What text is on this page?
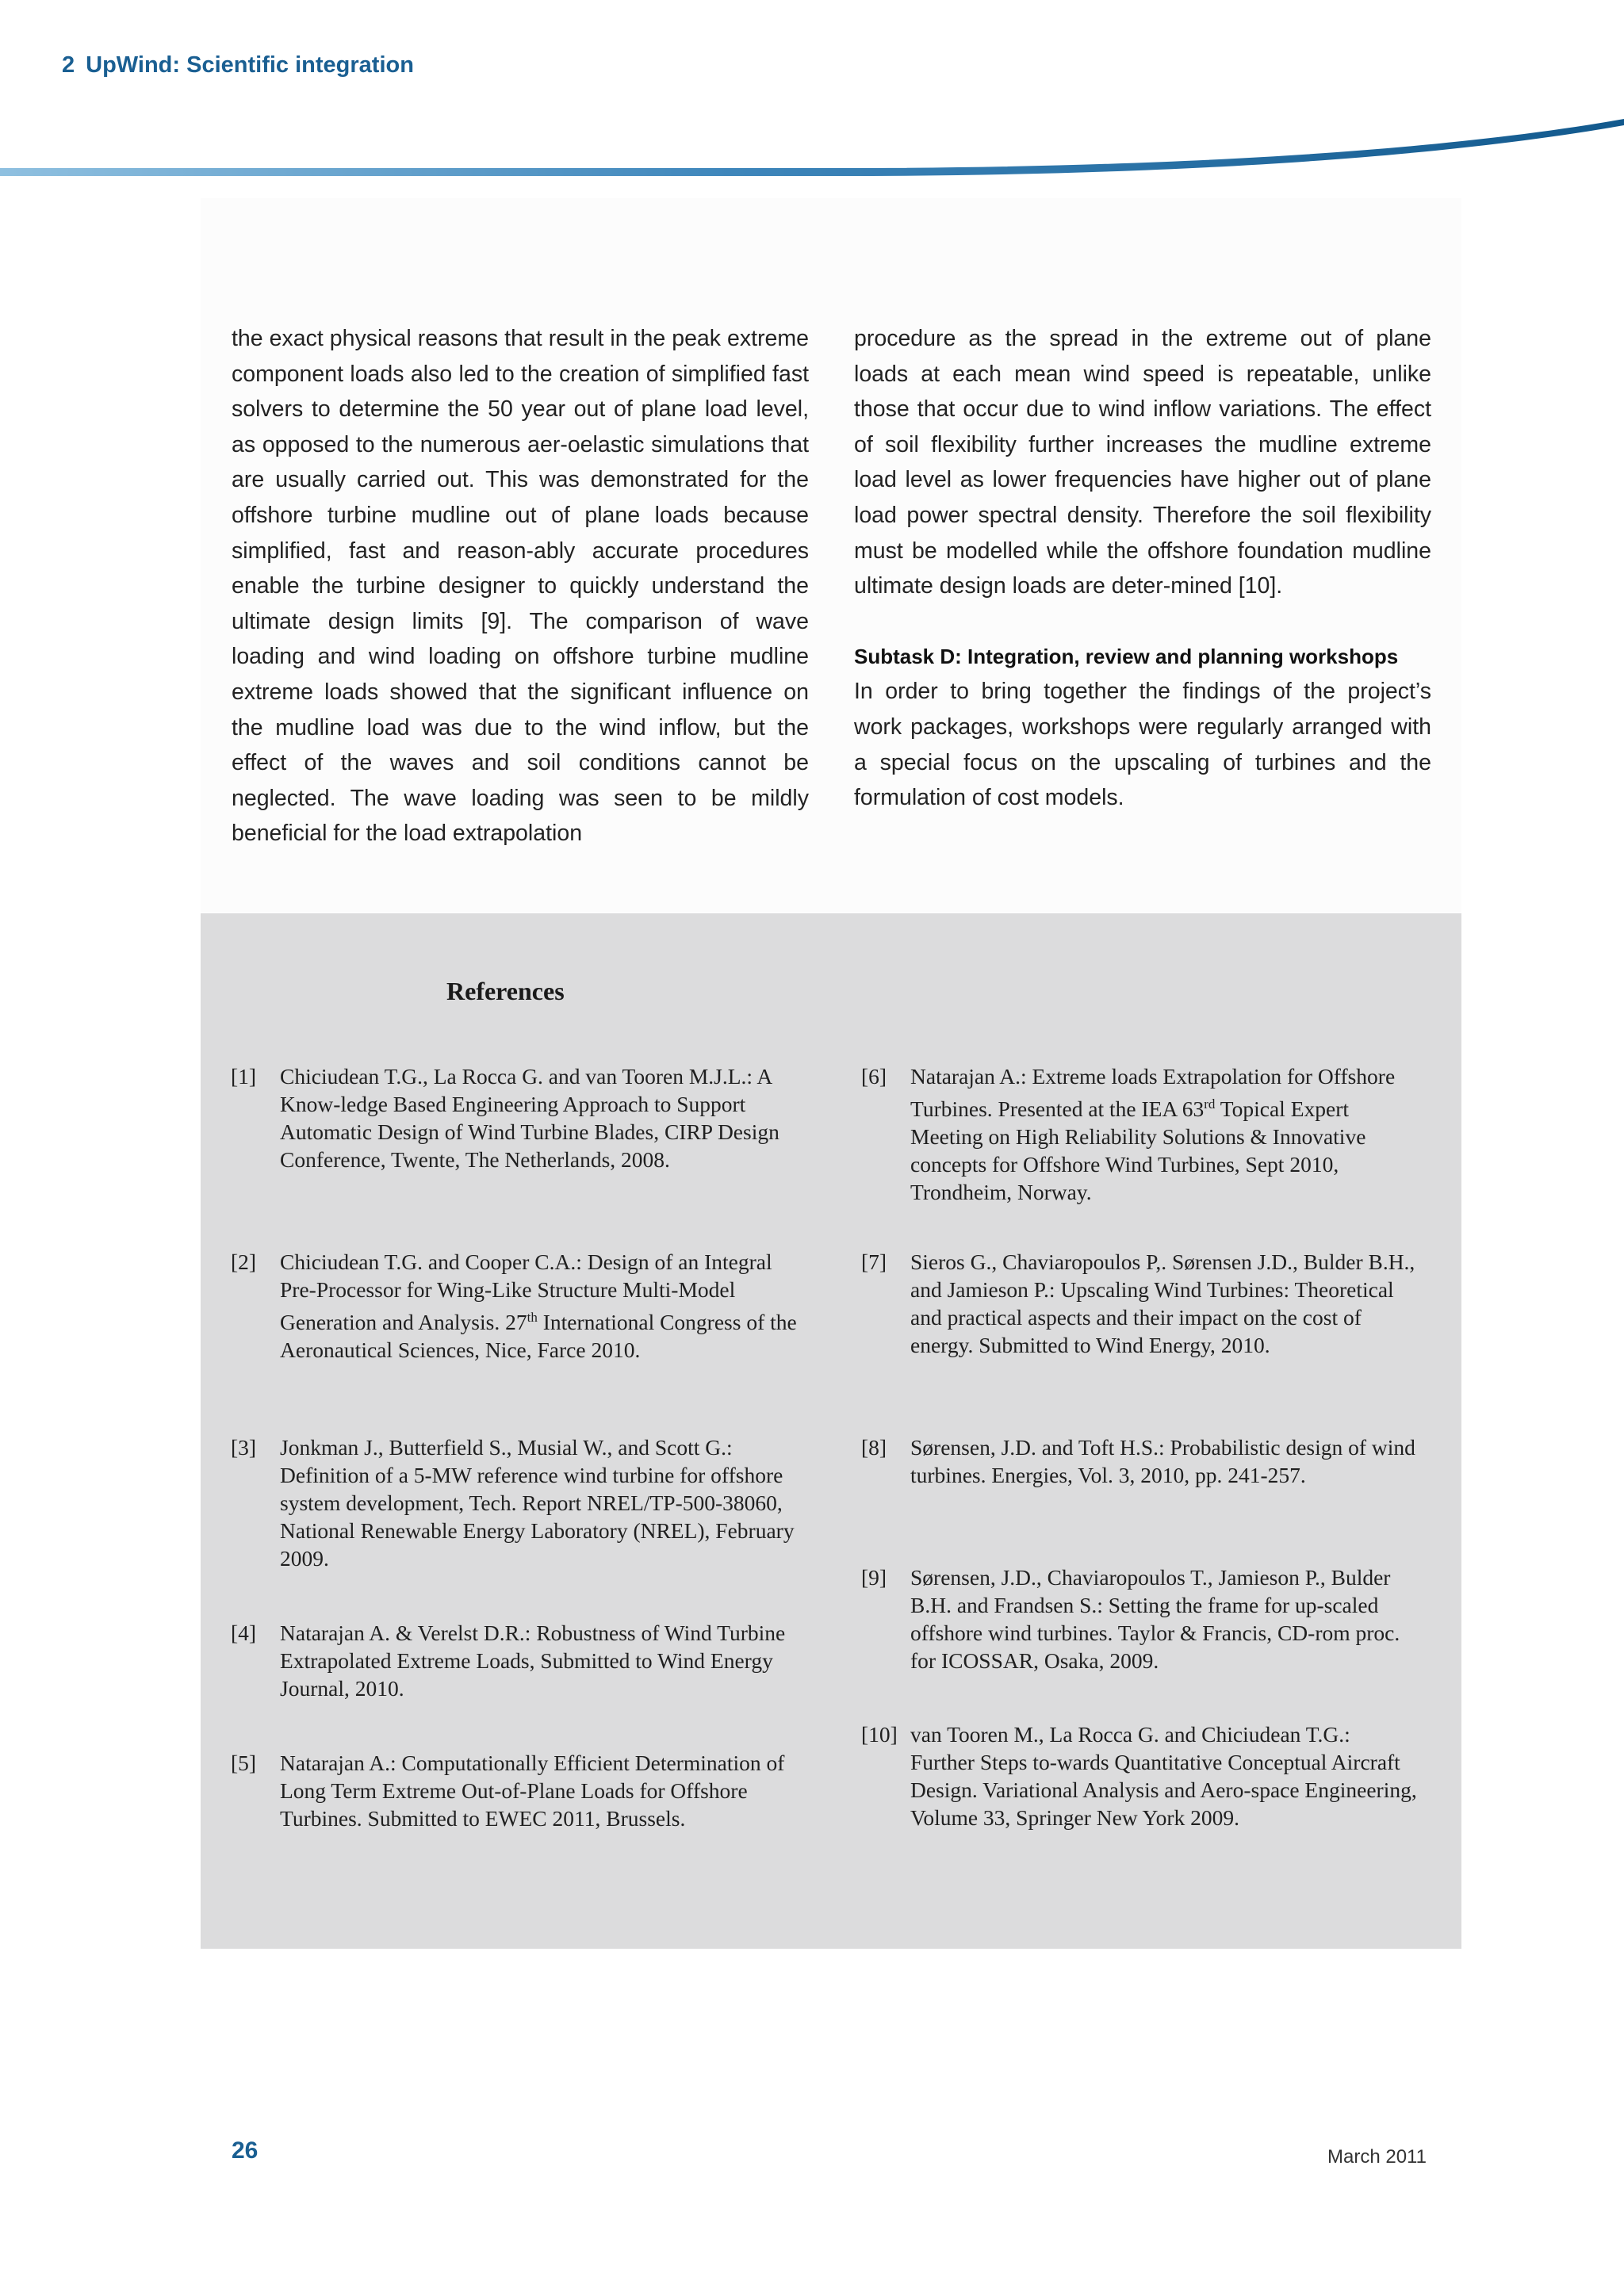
2 UpWind: Scientific integration

the exact physical reasons that result in the peak extreme component loads also led to the creation of simplified fast solvers to determine the 50 year out of plane load level, as opposed to the numerous aer-oelastic simulations that are usually carried out. This was demonstrated for the offshore turbine mudline out of plane loads because simplified, fast and reason-ably accurate procedures enable the turbine designer to quickly understand the ultimate design limits [9]. The comparison of wave loading and wind loading on offshore turbine mudline extreme loads showed that the significant influence on the mudline load was due to the wind inflow, but the effect of the waves and soil conditions cannot be neglected. The wave loading was seen to be mildly beneficial for the load extrapolation

procedure as the spread in the extreme out of plane loads at each mean wind speed is repeatable, unlike those that occur due to wind inflow variations. The effect of soil flexibility further increases the mudline extreme load level as lower frequencies have higher out of plane load power spectral density. Therefore the soil flexibility must be modelled while the offshore foundation mudline ultimate design loads are deter-mined [10].

Subtask D: Integration, review and planning workshops

In order to bring together the findings of the project’s work packages, workshops were regularly arranged with a special focus on the upscaling of turbines and the formulation of cost models.

References
[1] Chiciudean T.G., La Rocca G. and van Tooren M.J.L.: A Know-ledge Based Engineering Approach to Support Automatic Design of Wind Turbine Blades, CIRP Design Conference, Twente, The Netherlands, 2008.
[2] Chiciudean T.G. and Cooper C.A.: Design of an Integral Pre-Processor for Wing-Like Structure Multi-Model Generation and Analysis. 27th International Congress of the Aeronautical Sciences, Nice, Farce 2010.
[3] Jonkman J., Butterfield S., Musial W., and Scott G.: Definition of a 5-MW reference wind turbine for offshore system development, Tech. Report NREL/TP-500-38060, National Renewable Energy Laboratory (NREL), February 2009.
[4] Natarajan A. & Verelst D.R.: Robustness of Wind Turbine Extrapolated Extreme Loads, Submitted to Wind Energy Journal, 2010.
[5] Natarajan A.: Computationally Efficient Determination of Long Term Extreme Out-of-Plane Loads for Offshore Turbines. Submitted to EWEC 2011, Brussels.
[6] Natarajan A.: Extreme loads Extrapolation for Offshore Turbines. Presented at the IEA 63rd Topical Expert Meeting on High Reliability Solutions & Innovative concepts for Offshore Wind Turbines, Sept 2010, Trondheim, Norway.
[7] Sieros G., Chaviaropoulos P,. Sørensen J.D., Bulder B.H., and Jamieson P.: Upscaling Wind Turbines: Theoretical and practical aspects and their impact on the cost of energy. Submitted to Wind Energy, 2010.
[8] Sørensen, J.D. and Toft H.S.: Probabilistic design of wind turbines. Energies, Vol. 3, 2010, pp. 241-257.
[9] Sørensen, J.D., Chaviaropoulos T., Jamieson P., Bulder B.H. and Frandsen S.: Setting the frame for up-scaled offshore wind turbines. Taylor & Francis, CD-rom proc. for ICOSSAR, Osaka, 2009.
[10] van Tooren M., La Rocca G. and Chiciudean T.G.: Further Steps to-wards Quantitative Conceptual Aircraft Design. Variational Analysis and Aero-space Engineering, Volume 33, Springer New York 2009.
26	March 2011
